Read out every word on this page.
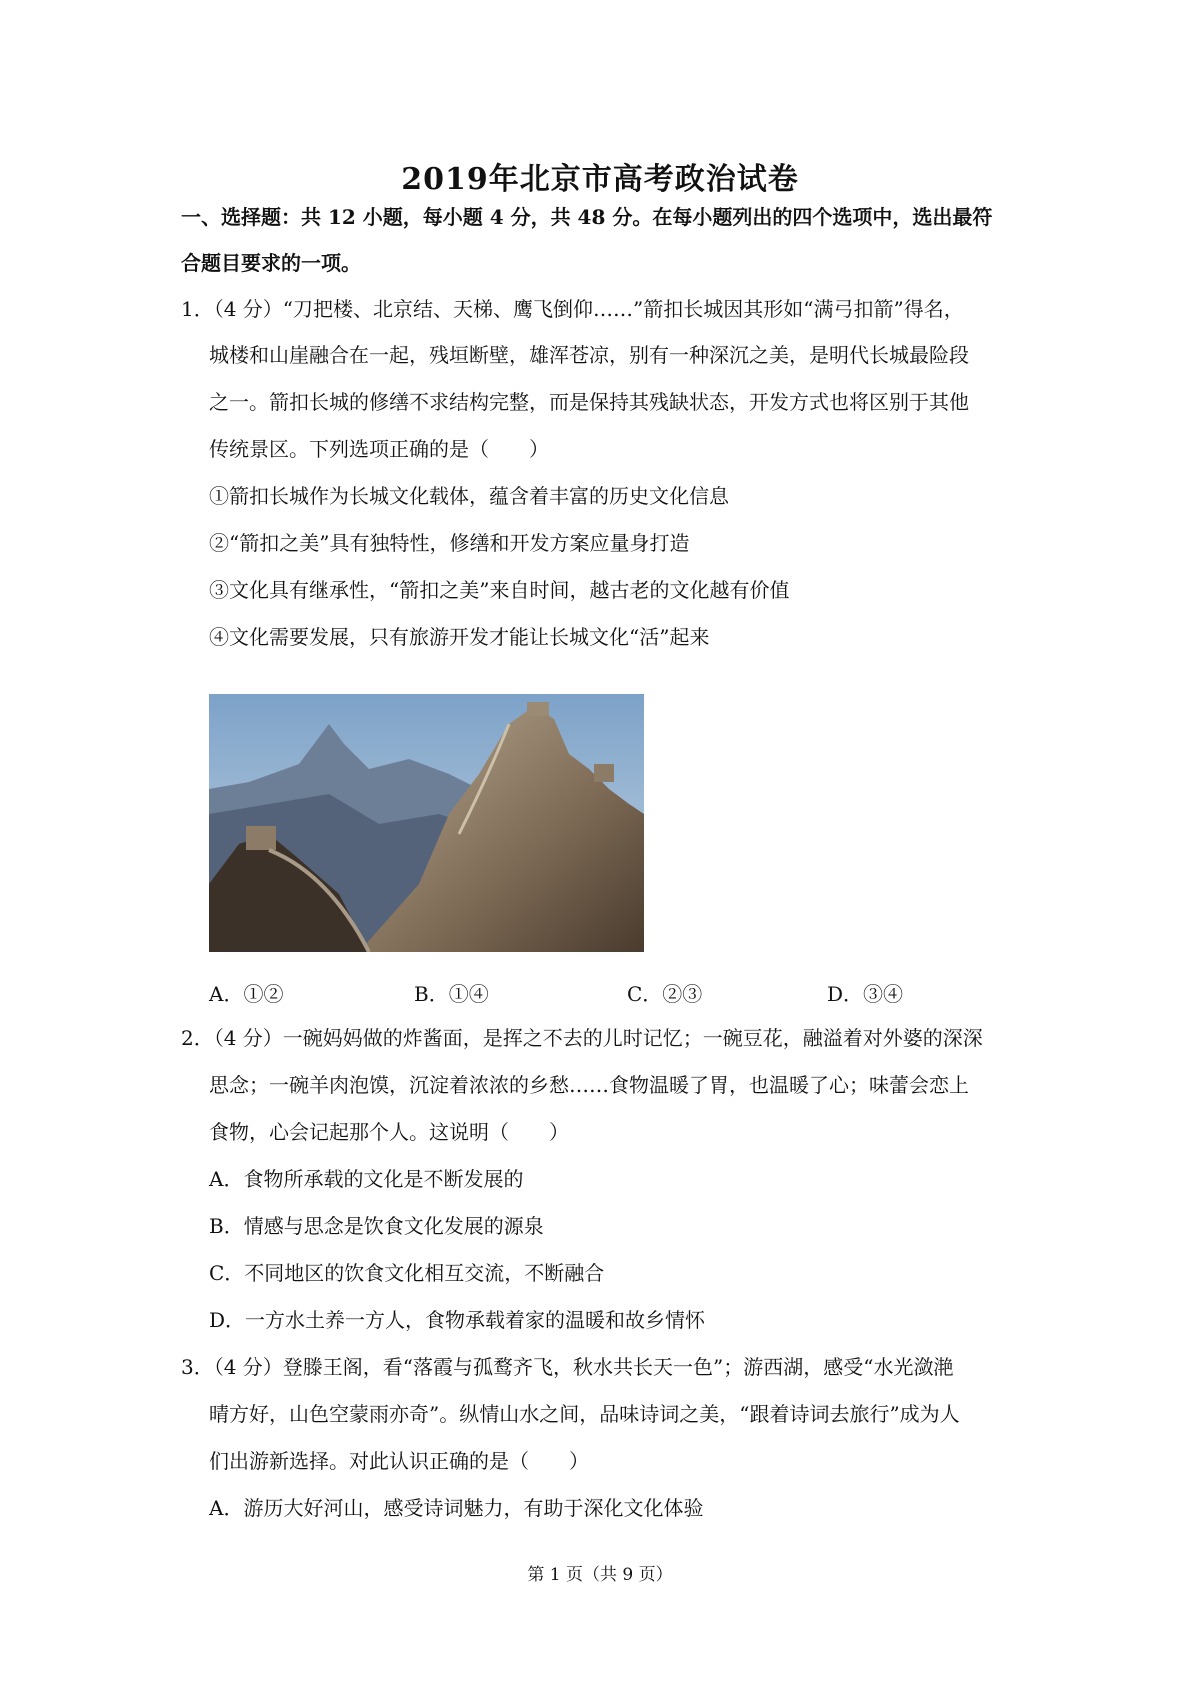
2019年北京市高考政治试卷
一、选择题：共 12 小题，每小题 4 分，共 48 分。在每小题列出的四个选项中，选出最符
合题目要求的一项。
1．（4 分）“刀把楼、北京结、天梯、鹰飞倒仰……”箭扣长城因其形如“满弓扣箭”得名，
城楼和山崖融合在一起，残垣断壁，雄浑苍凉，别有一种深沉之美，是明代长城最险段
之一。箭扣长城的修缮不求结构完整，而是保持其残缺状态，开发方式也将区别于其他
传统景区。下列选项正确的是（　　）
①箭扣长城作为长城文化载体，蕴含着丰富的历史文化信息
②“箭扣之美”具有独特性，修缮和开发方案应量身打造
③文化具有继承性，“箭扣之美”来自时间，越古老的文化越有价值
④文化需要发展，只有旅游开发才能让长城文化“活”起来
A．①②	B．①④	C．②③	D．③④
2．（4 分）一碗妈妈做的炸酱面，是挥之不去的儿时记忆；一碗豆花，融溢着对外婆的深深
思念；一碗羊肉泡馍，沉淀着浓浓的乡愁……食物温暖了胃，也温暖了心；味蕾会恋上
食物，心会记起那个人。这说明（　　）
A．食物所承载的文化是不断发展的
B．情感与思念是饮食文化发展的源泉
C．不同地区的饮食文化相互交流，不断融合
D．一方水土养一方人，食物承载着家的温暖和故乡情怀
3．（4 分）登滕王阁，看“落霞与孤鹜齐飞，秋水共长天一色”；游西湖，感受“水光潋滟
晴方好，山色空蒙雨亦奇”。纵情山水之间，品味诗词之美，“跟着诗词去旅行”成为人
们出游新选择。对此认识正确的是（　　）
A．游历大好河山，感受诗词魅力，有助于深化文化体验
第 1 页（共 9 页）
